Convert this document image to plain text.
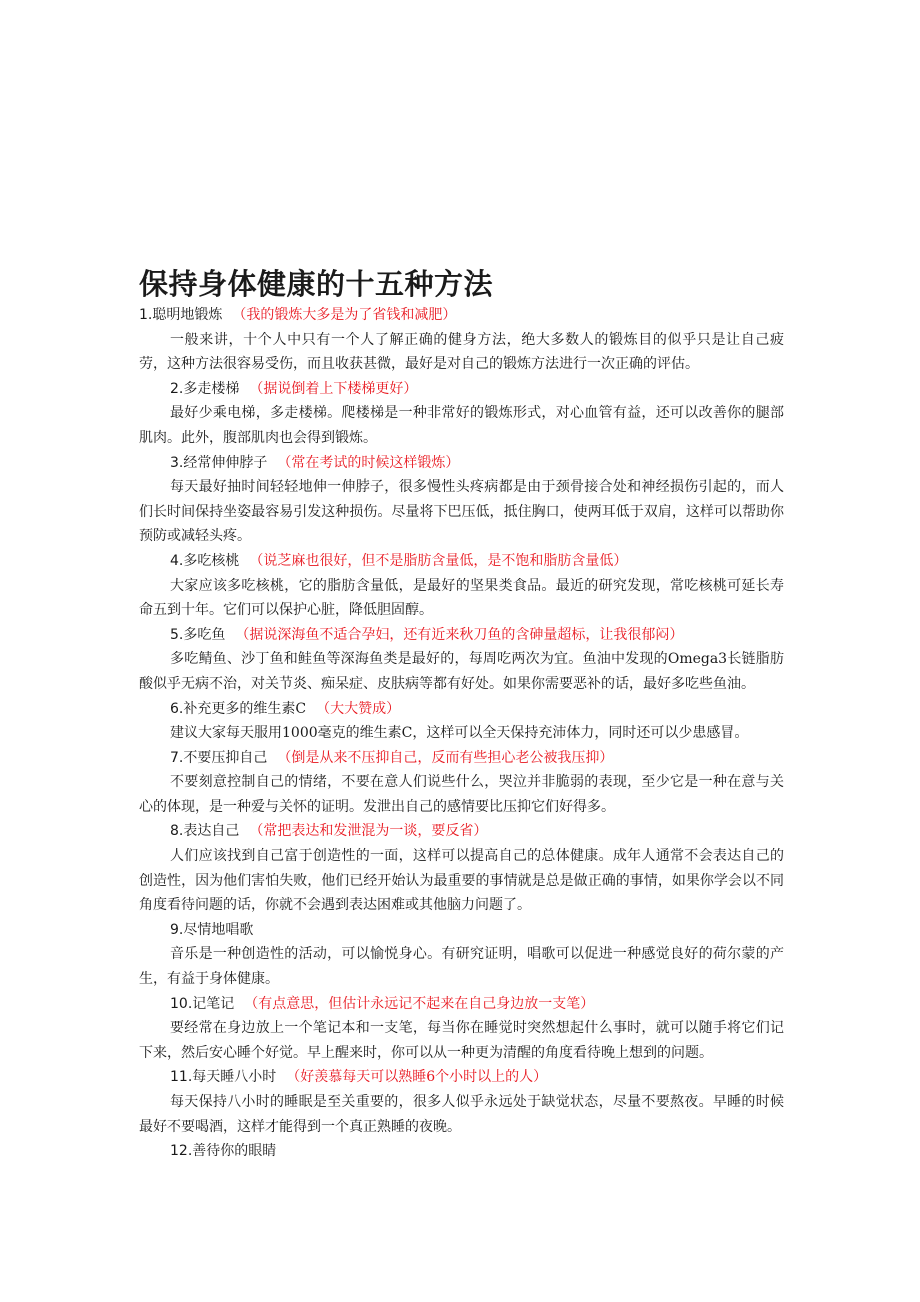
保持身体健康的十五种方法

1.聪明地锻炼 （我的锻炼大多是为了省钱和减肥）

一般来讲，十个人中只有一个人了解正确的健身方法，绝大多数人的锻炼目的似乎只是让自己疲劳，这种方法很容易受伤，而且收获甚微，最好是对自己的锻炼方法进行一次正确的评估。

2.多走楼梯 （据说倒着上下楼梯更好）

最好少乘电梯，多走楼梯。爬楼梯是一种非常好的锻炼形式，对心血管有益，还可以改善你的腿部肌肉。此外，腹部肌肉也会得到锻炼。

3.经常伸伸脖子 （常在考试的时候这样锻炼）

每天最好抽时间轻轻地伸一伸脖子，很多慢性头疼病都是由于颈骨接合处和神经损伤引起的，而人们长时间保持坐姿最容易引发这种损伤。尽量将下巴压低，抵住胸口，使两耳低于双肩，这样可以帮助你预防或减轻头疼。

4.多吃核桃 （说芝麻也很好，但不是脂肪含量低，是不饱和脂肪含量低）

大家应该多吃核桃，它的脂肪含量低，是最好的坚果类食品。最近的研究发现，常吃核桃可延长寿命五到十年。它们可以保护心脏，降低胆固醇。

5.多吃鱼 （据说深海鱼不适合孕妇，还有近来秋刀鱼的含砷量超标，让我很郁闷）

多吃鲭鱼、沙丁鱼和鲑鱼等深海鱼类是最好的，每周吃两次为宜。鱼油中发现的Omega3长链脂肪酸似乎无病不治，对关节炎、痴呆症、皮肤病等都有好处。如果你需要恶补的话，最好多吃些鱼油。

6.补充更多的维生素C （大大赞成）

建议大家每天服用1000毫克的维生素C，这样可以全天保持充沛体力，同时还可以少患感冒。

7.不要压抑自己 （倒是从来不压抑自己，反而有些担心老公被我压抑）

不要刻意控制自己的情绪，不要在意人们说些什么，哭泣并非脆弱的表现，至少它是一种在意与关心的体现，是一种爱与关怀的证明。发泄出自己的感情要比压抑它们好得多。

8.表达自己 （常把表达和发泄混为一谈，要反省）

人们应该找到自己富于创造性的一面，这样可以提高自己的总体健康。成年人通常不会表达自己的创造性，因为他们害怕失败，他们已经开始认为最重要的事情就是总是做正确的事情，如果你学会以不同角度看待问题的话，你就不会遇到表达困难或其他脑力问题了。

9.尽情地唱歌

音乐是一种创造性的活动，可以愉悦身心。有研究证明，唱歌可以促进一种感觉良好的荷尔蒙的产生，有益于身体健康。

10.记笔记 （有点意思，但估计永远记不起来在自己身边放一支笔）

要经常在身边放上一个笔记本和一支笔，每当你在睡觉时突然想起什么事时，就可以随手将它们记下来，然后安心睡个好觉。早上醒来时，你可以从一种更为清醒的角度看待晚上想到的问题。

11.每天睡八小时 （好羡慕每天可以熟睡6个小时以上的人）

每天保持八小时的睡眠是至关重要的，很多人似乎永远处于缺觉状态，尽量不要熬夜。早睡的时候最好不要喝酒，这样才能得到一个真正熟睡的夜晚。

12.善待你的眼睛
